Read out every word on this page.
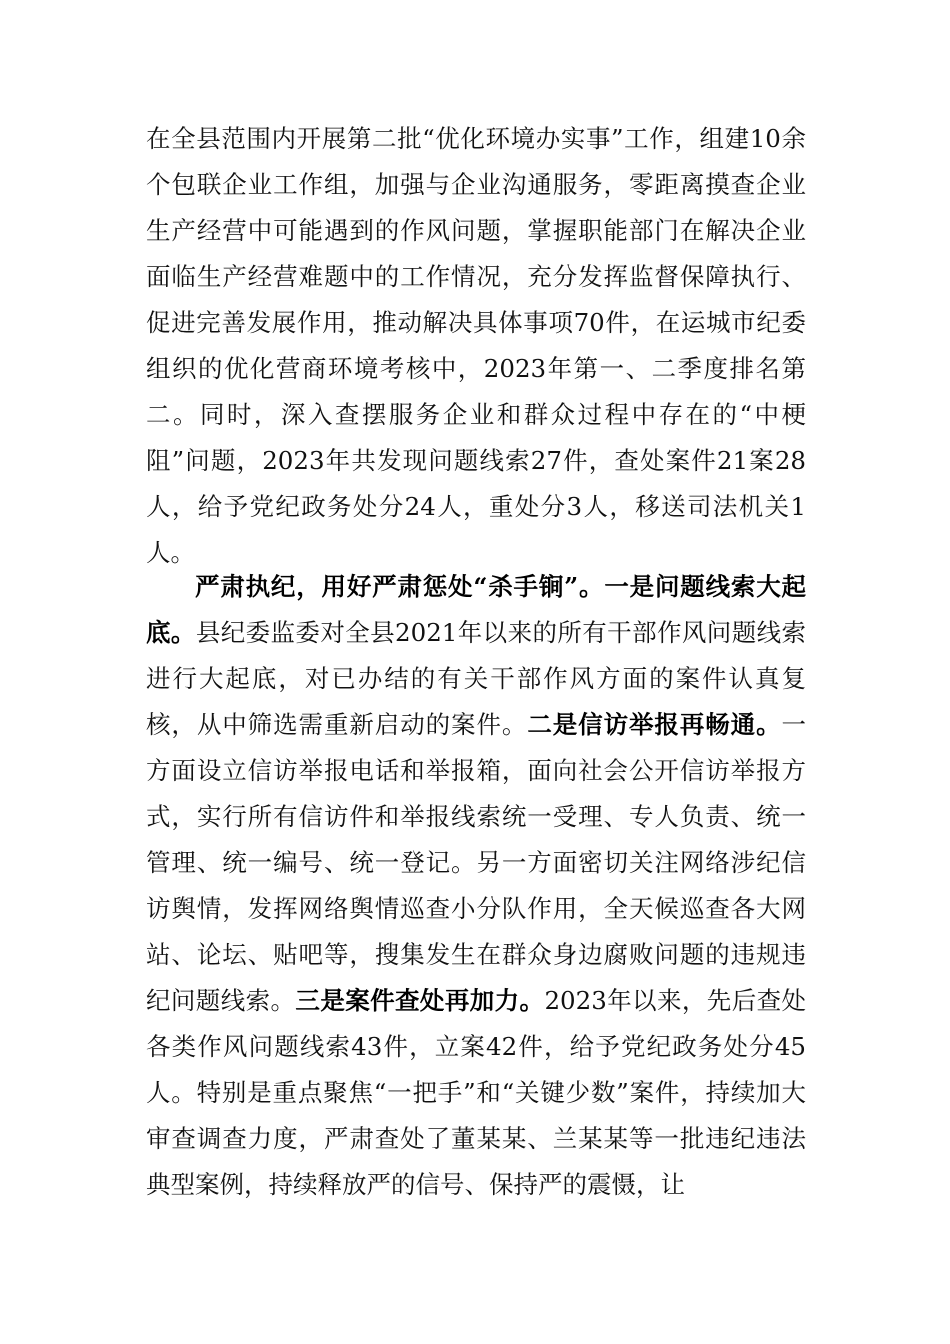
在全县范围内开展第二批“优化环境办实事”工作，组建10余个包联企业工作组，加强与企业沟通服务，零距离摸查企业生产经营中可能遇到的作风问题，掌握职能部门在解决企业面临生产经营难题中的工作情况，充分发挥监督保障执行、促进完善发展作用，推动解决具体事项70件，在运城市纪委组织的优化营商环境考核中，2023年第一、二季度排名第二。同时，深入查摆服务企业和群众过程中存在的“中梗阻”问题，2023年共发现问题线索27件，查处案件21案28人，给予党纪政务处分24人，重处分3人，移送司法机关1人。

严肃执纪，用好严肃惩处“杀手锏”。一是问题线索大起底。县纪委监委对全县2021年以来的所有干部作风问题线索进行大起底，对已办结的有关干部作风方面的案件认真复核，从中筛选需重新启动的案件。二是信访举报再畅通。一方面设立信访举报电话和举报箱，面向社会公开信访举报方式，实行所有信访件和举报线索统一受理、专人负责、统一管理、统一编号、统一登记。另一方面密切关注网络涉纪信访舆情，发挥网络舆情巡查小分队作用，全天候巡查各大网站、论坛、贴吧等，搜集发生在群众身边腐败问题的违规违纪问题线索。三是案件查处再加力。2023年以来，先后查处各类作风问题线索43件，立案42件，给予党纪政务处分45人。特别是重点聚焦“一把手”和“关键少数”案件，持续加大审查调查力度，严肃查处了董某某、兰某某等一批违纪违法典型案例，持续释放严的信号、保持严的震慑，让
